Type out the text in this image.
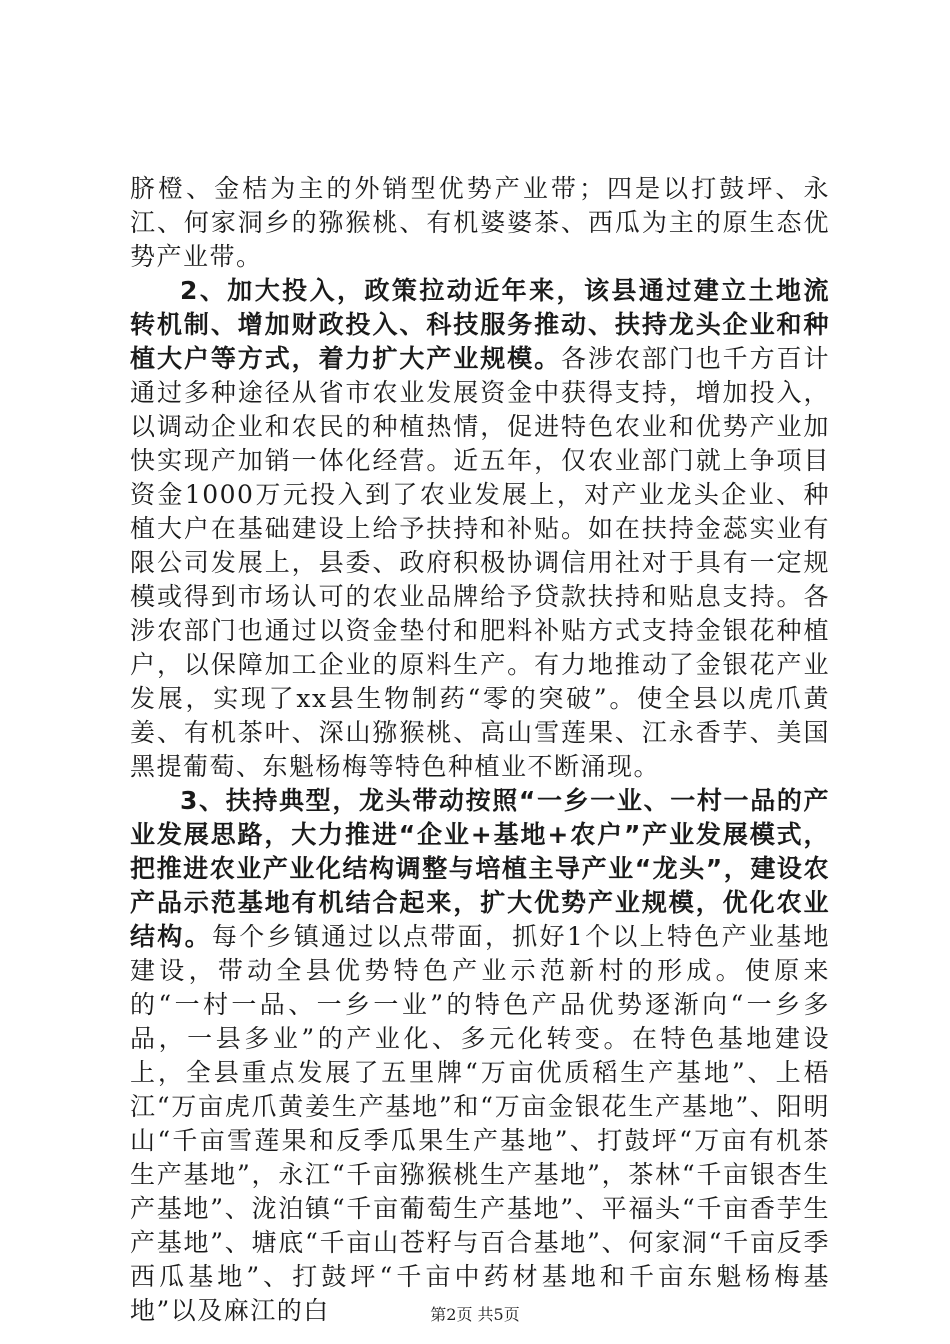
脐橙、金桔为主的外销型优势产业带；四是以打鼓坪、永江、何家洞乡的猕猴桃、有机婆婆茶、西瓜为主的原生态优势产业带。

2、加大投入，政策拉动近年来，该县通过建立土地流转机制、增加财政投入、科技服务推动、扶持龙头企业和种植大户等方式，着力扩大产业规模。各涉农部门也千方百计通过多种途径从省市农业发展资金中获得支持，增加投入，以调动企业和农民的种植热情，促进特色农业和优势产业加快实现产加销一体化经营。近五年，仅农业部门就上争项目资金1000万元投入到了农业发展上，对产业龙头企业、种植大户在基础建设上给予扶持和补贴。如在扶持金蕊实业有限公司发展上，县委、政府积极协调信用社对于具有一定规模或得到市场认可的农业品牌给予贷款扶持和贴息支持。各涉农部门也通过以资金垫付和肥料补贴方式支持金银花种植户，以保障加工企业的原料生产。有力地推动了金银花产业发展，实现了xx县生物制药“零的突破”。使全县以虎爪黄姜、有机茶叶、深山猕猴桃、高山雪莲果、江永香芋、美国黑提葡萄、东魁杨梅等特色种植业不断涌现。

3、扶持典型，龙头带动按照“一乡一业、一村一品的产业发展思路，大力推进“企业+基地+农户”产业发展模式，把推进农业产业化结构调整与培植主导产业“龙头”，建设农产品示范基地有机结合起来，扩大优势产业规模，优化农业结构。每个乡镇通过以点带面，抓好1个以上特色产业基地建设，带动全县优势特色产业示范新村的形成。使原来的“一村一品、一乡一业”的特色产品优势逐渐向“一乡多品，一县多业”的产业化、多元化转变。在特色基地建设上，全县重点发展了五里牌“万亩优质稻生产基地”、上梧江“万亩虎爪黄姜生产基地”和“万亩金银花生产基地”、阳明山“千亩雪莲果和反季瓜果生产基地”、打鼓坪“万亩有机茶生产基地”，永江“千亩猕猴桃生产基地”，茶林“千亩银杏生产基地”、泷泊镇“千亩葡萄生产基地”、平福头“千亩香芋生产基地”、塘底“千亩山苍籽与百合基地”、何家洞“千亩反季西瓜基地”、打鼓坪“千亩中药材基地和千亩东魁杨梅基地”以及麻江的白	第2页 共5页
